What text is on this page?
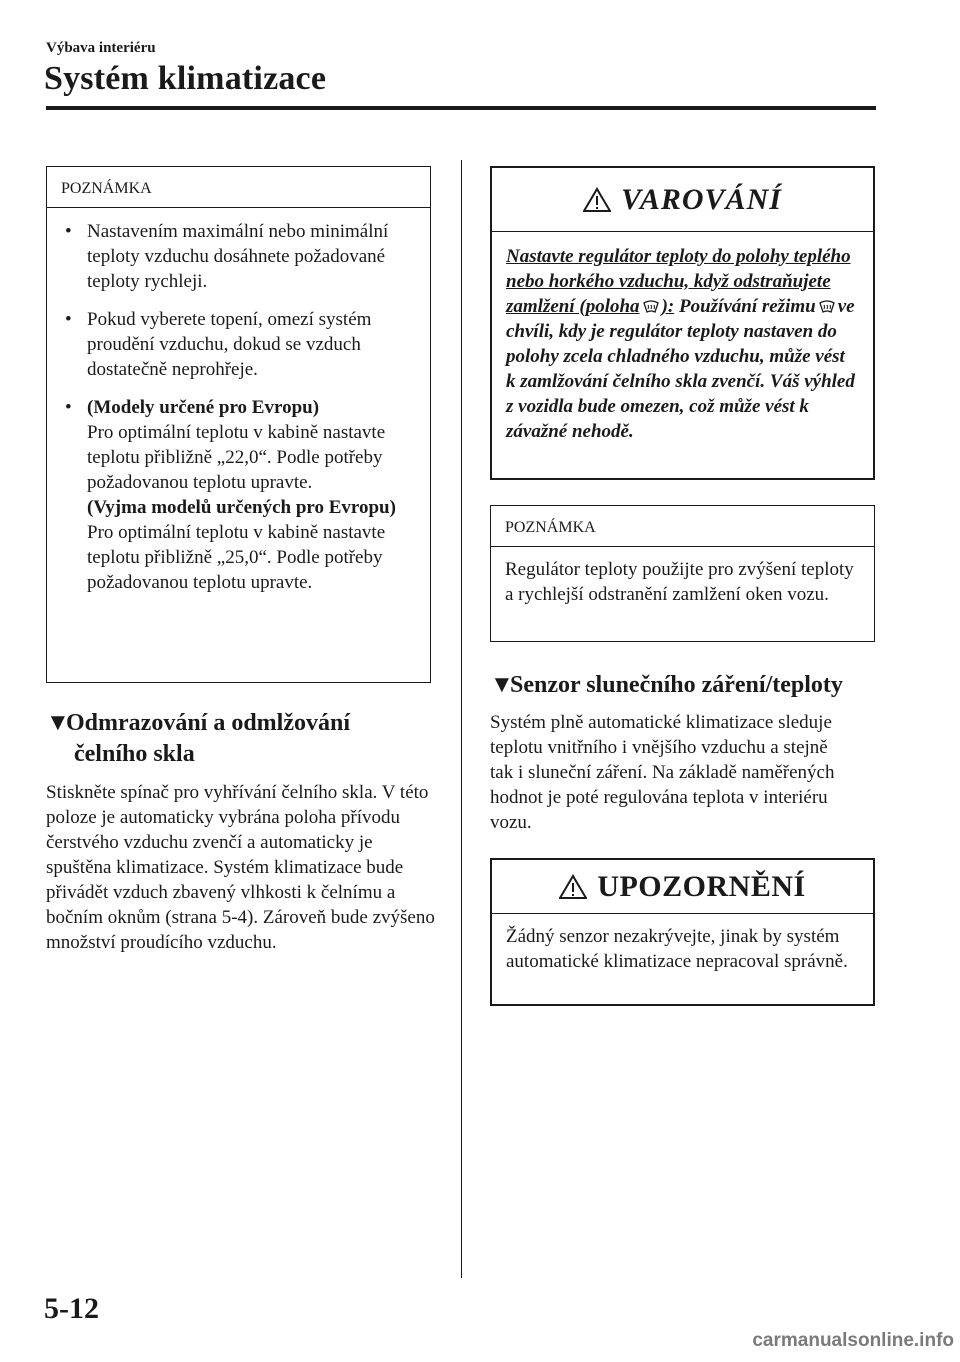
Výbava interiéru
Systém klimatizace
POZNÁMKA
• Nastavením maximální nebo minimální teploty vzduchu dosáhnete požadované teploty rychleji.
• Pokud vyberete topení, omezí systém proudění vzduchu, dokud se vzduch dostatečně neprohřeje.
• (Modely určené pro Evropu)
Pro optimální teplotu v kabině nastavte teplotu přibližně „22,0“. Podle potřeby požadovanou teplotu upravte.
(Vyjma modelů určených pro Evropu)
Pro optimální teplotu v kabině nastavte teplotu přibližně „25,0“. Podle potřeby požadovanou teplotu upravte.
▼Odmrazování a odmlžování
čelního skla
Stiskněte spínač pro vyhřívání čelního skla. V této poloze je automaticky vybrána poloha přívodu čerstvého vzduchu zvenčí a automaticky je spuštěna klimatizace. Systém klimatizace bude přivádět vzduch zbavený vlhkosti k čelnímu a bočním oknům (strana 5-4). Zároveň bude zvýšeno množství proudícího vzduchu.
VAROVÁNÍ
Nastavte regulátor teploty do polohy teplého nebo horkého vzduchu, když odstraňujete zamlžení (poloha ): Používání režimu ve chvíli, kdy je regulátor teploty nastaven do polohy zcela chladného vzduchu, může vést k zamlžování čelního skla zvenčí. Váš výhled z vozidla bude omezen, což může vést k závažné nehodě.
POZNÁMKA
Regulátor teploty použijte pro zvýšení teploty a rychlejší odstranění zamlžení oken vozu.
▼Senzor slunečního záření/teploty
Systém plně automatické klimatizace sleduje teplotu vnitřního i vnějšího vzduchu a stejně tak i sluneční záření. Na základě naměřených hodnot je poté regulována teplota v interiéru vozu.
UPOZORNĚNÍ
Žádný senzor nezakrývejte, jinak by systém automatické klimatizace nepracoval správně.
5-12
carmanualsonline.info
